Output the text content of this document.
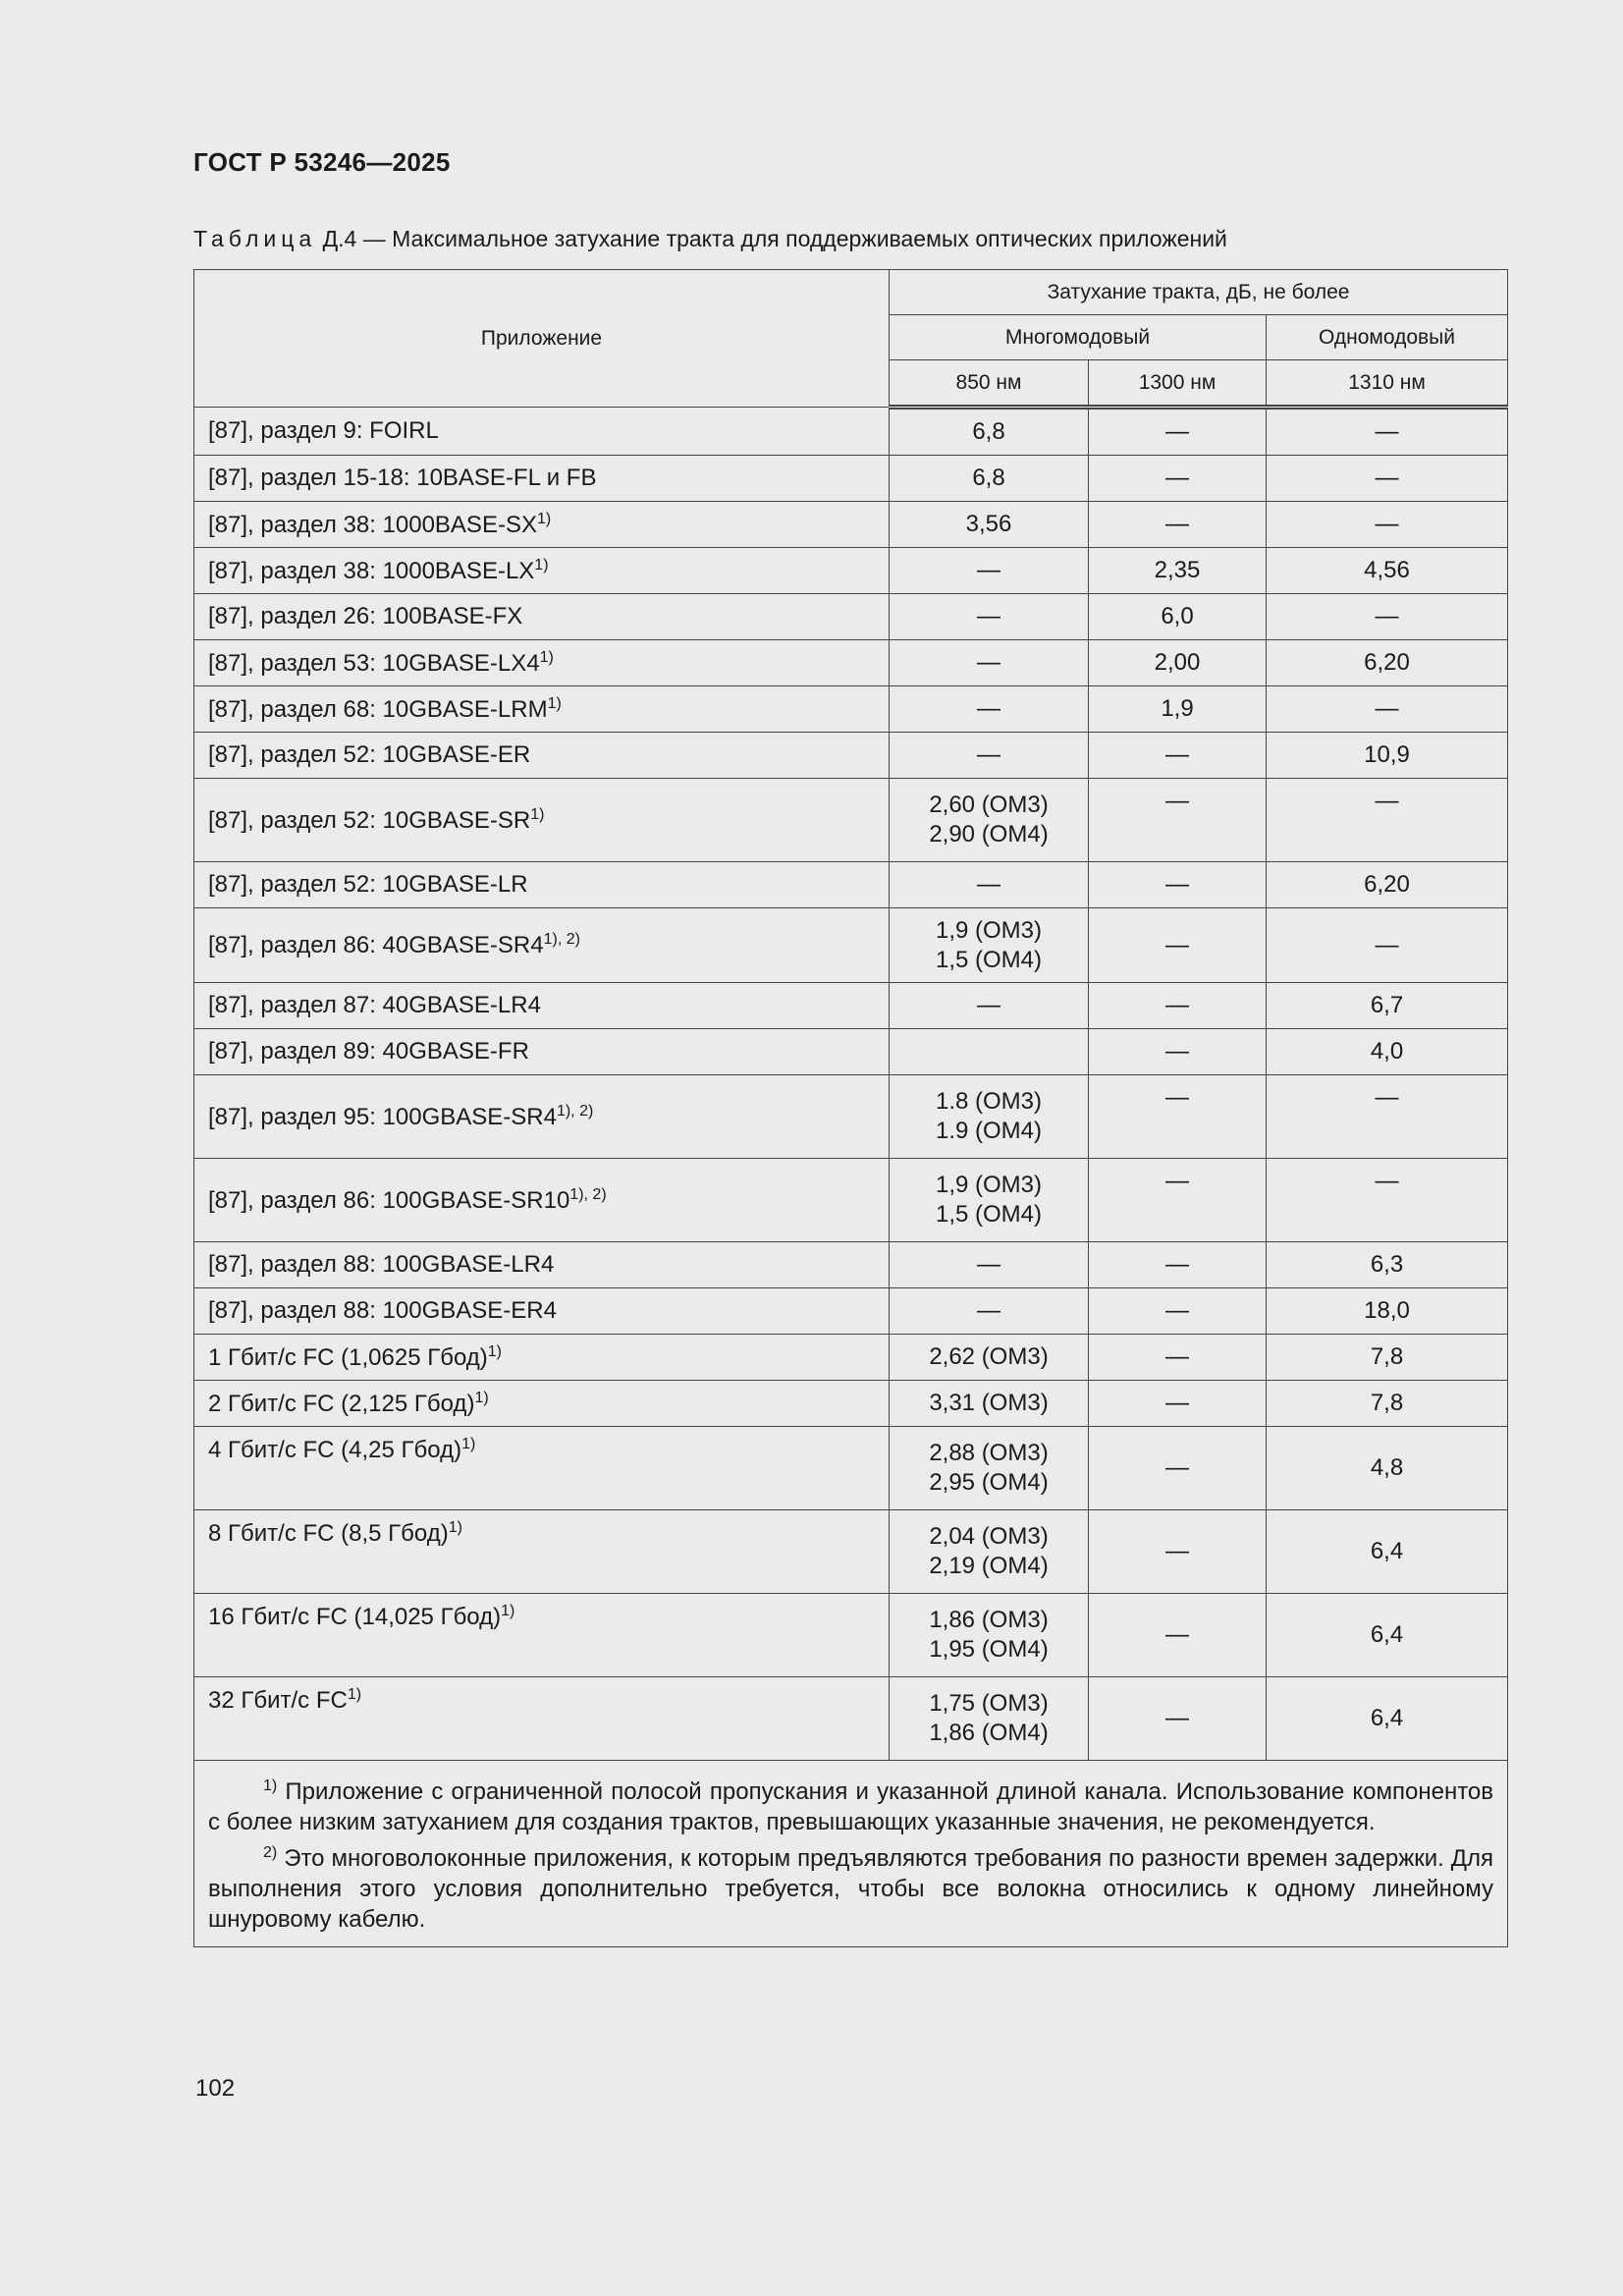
ГОСТ Р 53246—2025
Таблица Д.4 — Максимальное затухание тракта для поддерживаемых оптических приложений
Приложение	Затухание тракта, дБ, не более		
	Многомодовый		Одномодовый
	850 нм	1300 нм	1310 нм
[87], раздел 9: FOIRL	6,8	—	—
[87], раздел 15-18: 10BASE-FL и FB	6,8	—	—
[87], раздел 38: 1000BASE-SX$^{1)}$	3,56	—	—
[87], раздел 38: 1000BASE-LX$^{1)}$	—	2,35	4,56
[87], раздел 26: 100BASE-FX	—	6,0	—
[87], раздел 53: 10GBASE-LX4$^{1)}$	—	2,00	6,20
[87], раздел 68: 10GBASE-LRM$^{1)}$	—	1,9	—
[87], раздел 52: 10GBASE-ER	—	—	10,9
[87], раздел 52: 10GBASE-SR$^{1)}$	2,60 (ОМ3)
2,90 (ОМ4)	—	—
[87], раздел 52: 10GBASE-LR	—	—	6,20
[87], раздел 86: $40GBASE-SR4^{1), 2)}$	1,9 (ОМ3)
1,5 (ОМ4)	—	—
[87], раздел 87: 40GBASE-LR4	—	—	6,7
[87], раздел 89: 40GBASE-FR		—	4,0
[87], раздел 95: $100GBASE-SR4^{1), 2)}$	1.8 (ОМ3)
1.9 (ОМ4)	—	—
[87], раздел 86: $100GBASE-SR10^{1), 2)}$	1,9 (ОМ3)
1,5 (ОМ4)	—	—
[87], раздел 88: 100GBASE-LR4	—	—	6,3
[87], раздел 88: 100GBASE-ER4	—	—	18,0
1 Гбит/с FC (1,0625 Гбод)$^{1)}$	2,62 (ОМ3)	—	7,8
2 Гбит/с FC (2,125 Гбод)$^{1)}$	3,31 (ОМ3)	—	7,8
4 Гбит/с FC (4,25 Гбод)$^{1)}$	2,88 (ОМ3)
2,95 (ОМ4)	—	4,8
8 Гбит/с FC (8,5 Гбод)$^{1)}$	2,04 (ОМ3)
2,19 (ОМ4)	—	6,4
16 Гбит/с FC (14,025 Гбод)$^{1)}$	1,86 (ОМ3)
1,95 (ОМ4)	—	6,4
32 Гбит/с FC$^{1)}$	1,75 (ОМ3)
1,86 (ОМ4)	—	6,4

$^{1)}$ Приложение с ограниченной полосой пропускания и указанной длиной канала. Использование компонентов с более низким затуханием для создания трактов, превышающих указанные значения, не рекомендуется.

$^{2)}$ Это многоволоконные приложения, к которым предъявляются требования по разности времен задержки. Для выполнения этого условия дополнительно требуется, чтобы все волокна относились к одному линейному шнуровому кабелю.			

102
